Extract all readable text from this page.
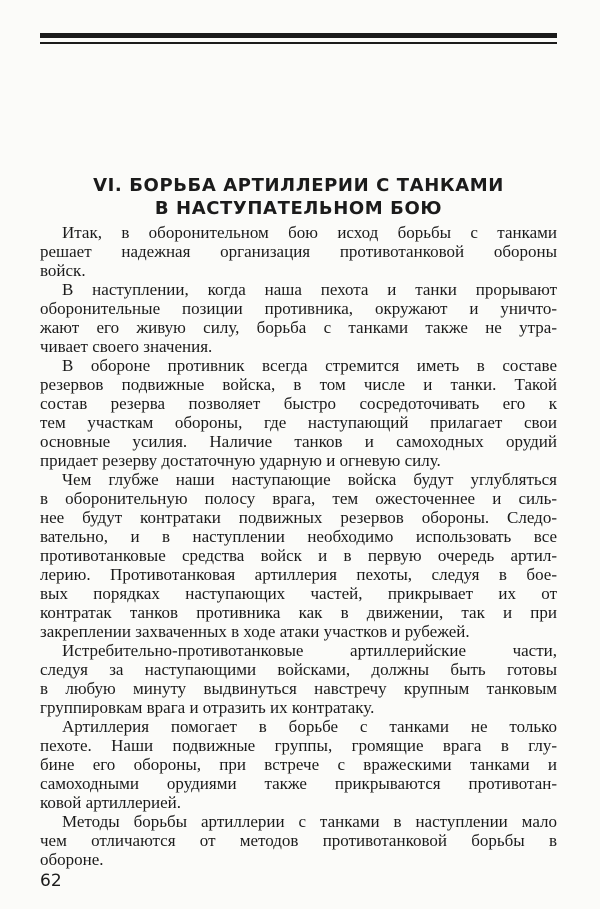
VI. БОРЬБА АРТИЛЛЕРИИ С ТАНКАМИ
В НАСТУПАТЕЛЬНОМ БОЮ

Итак, в оборонительном бою исход борьбы с танками
решает надежная организация противотанковой обороны
войск.

В наступлении, когда наша пехота и танки прорывают
оборонительные позиции противника, окружают и уничто-
жают его живую силу, борьба с танками также не утра-
чивает своего значения.

В обороне противник всегда стремится иметь в составе
резервов подвижные войска, в том числе и танки. Такой
состав резерва позволяет быстро сосредоточивать его к
тем участкам обороны, где наступающий прилагает свои
основные усилия. Наличие танков и самоходных орудий
придает резерву достаточную ударную и огневую силу.

Чем глубже наши наступающие войска будут углубляться
в оборонительную полосу врага, тем ожесточеннее и силь-
нее будут контратаки подвижных резервов обороны. Следо-
вательно, и в наступлении необходимо использовать все
противотанковые средства войск и в первую очередь артил-
лерию. Противотанковая артиллерия пехоты, следуя в бое-
вых порядках наступающих частей, прикрывает их от
контратак танков противника как в движении, так и при
закреплении захваченных в ходе атаки участков и рубежей.

Истребительно-противотанковые артиллерийские части,
следуя за наступающими войсками, должны быть готовы
в любую минуту выдвинуться навстречу крупным танковым
группировкам врага и отразить их контратаку.

Артиллерия помогает в борьбе с танками не только
пехоте. Наши подвижные группы, громящие врага в глу-
бине его обороны, при встрече с вражескими танками и
самоходными орудиями также прикрываются противотан-
ковой артиллерией.

Методы борьбы артиллерии с танками в наступлении мало
чем отличаются от методов противотанковой борьбы в
обороне.

62
